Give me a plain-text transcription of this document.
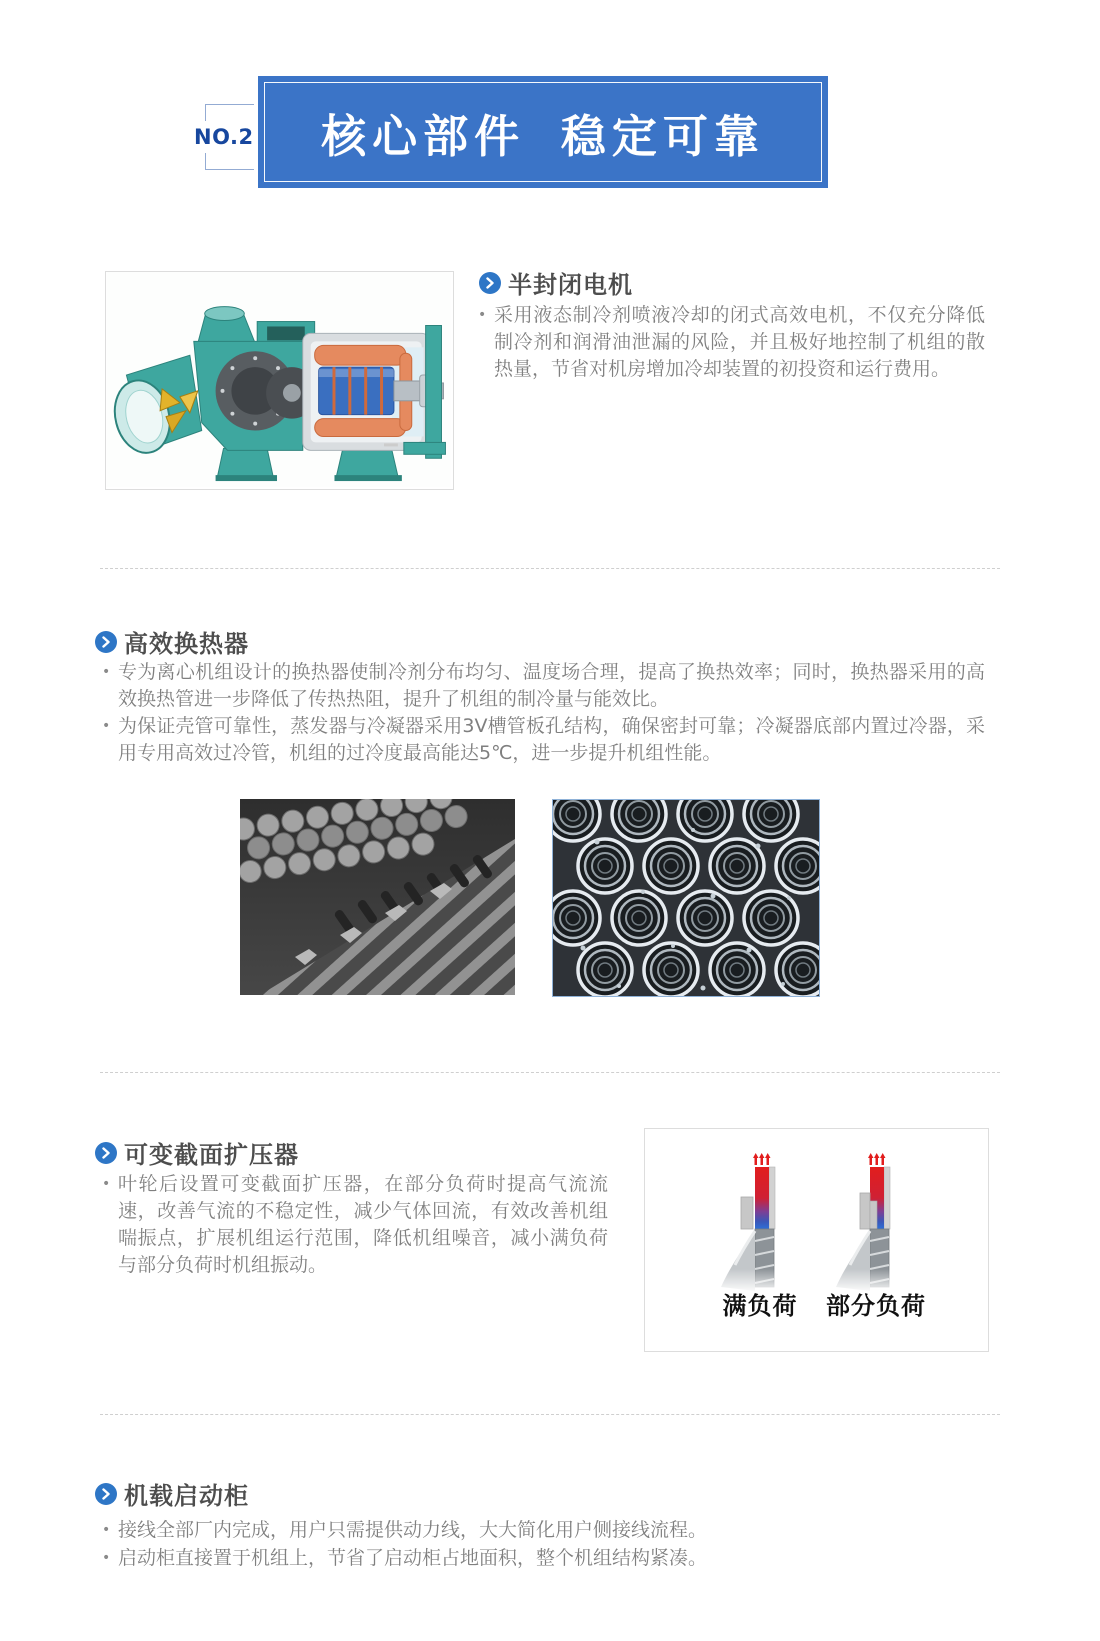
NO.2 核心部件 稳定可靠
半封闭电机
• 采用液态制冷剂喷液冷却的闭式高效电机，不仅充分降低制冷剂和润滑油泄漏的风险，并且极好地控制了机组的散热量，节省对机房增加冷却装置的初投资和运行费用。
高效换热器
• 专为离心机组设计的换热器使制冷剂分布均匀、温度场合理，提高了换热效率；同时，换热器采用的高效换热管进一步降低了传热热阻，提升了机组的制冷量与能效比。
• 为保证壳管可靠性，蒸发器与冷凝器采用3V槽管板孔结构，确保密封可靠；冷凝器底部内置过冷器，采用专用高效过冷管，机组的过冷度最高能达5℃，进一步提升机组性能。
可变截面扩压器
• 叶轮后设置可变截面扩压器，在部分负荷时提高气流流速，改善气流的不稳定性，减少气体回流，有效改善机组喘振点，扩展机组运行范围，降低机组噪音，减小满负荷与部分负荷时机组振动。
满负荷	部分负荷
机载启动柜
• 接线全部厂内完成，用户只需提供动力线，大大简化用户侧接线流程。
• 启动柜直接置于机组上，节省了启动柜占地面积，整个机组结构紧凑。
